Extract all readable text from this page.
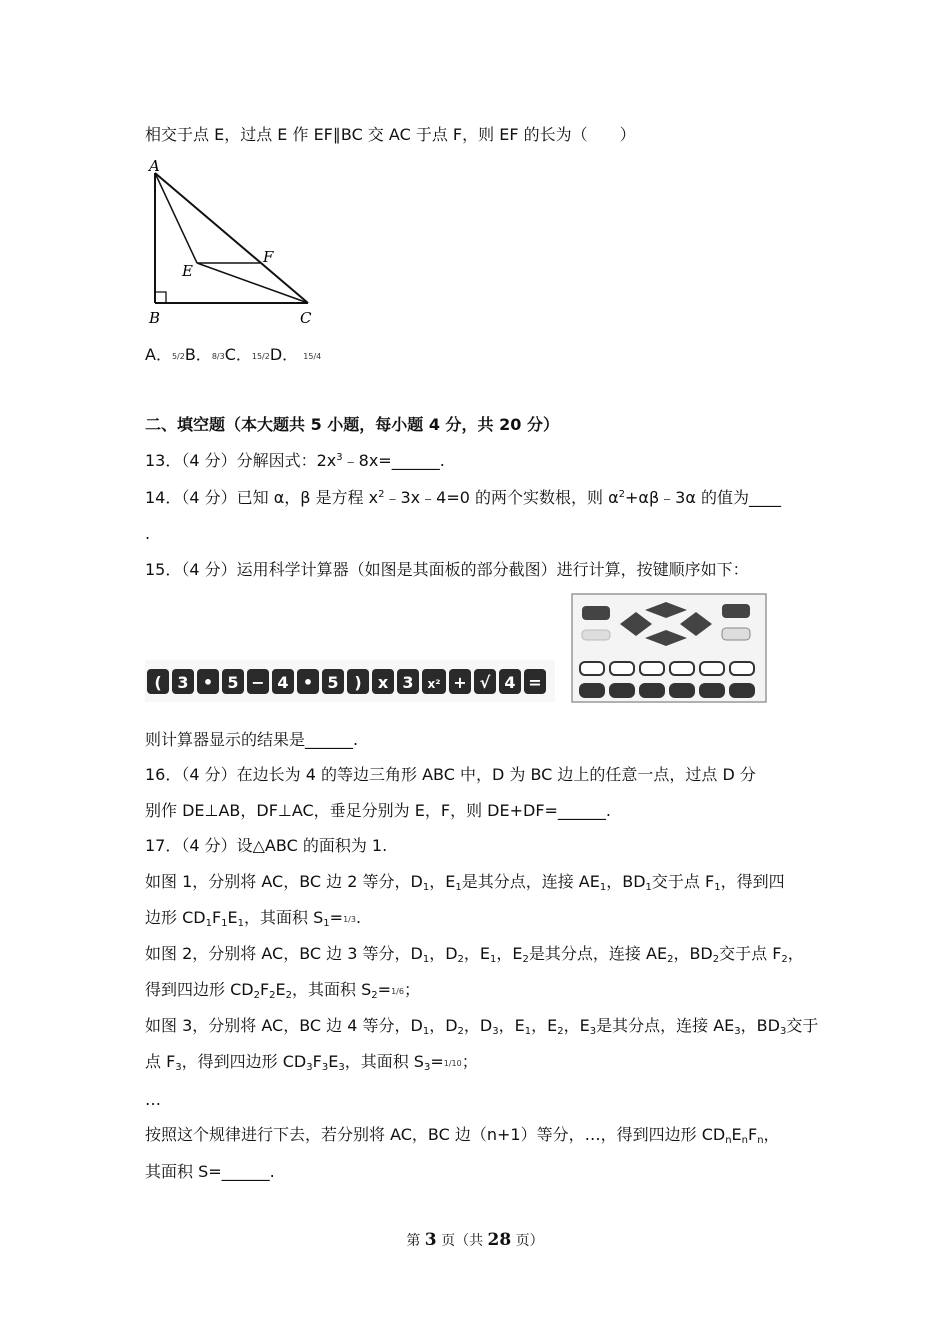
相交于点 E，过点 E 作 EF∥BC 交 AC 于点 F，则 EF 的长为（　　）
A
B	C
E
F
A．5/2B．8/3C．15/2D． 15/4
二、填空题（本大题共 5 小题，每小题 4 分，共 20 分）
13．（4 分）分解因式：$2x^3﹣8x=\_\_\_\_\_\_$.
14．（4 分）已知 α，β 是方程 $x^2﹣3x﹣4=0$ 的两个实数根，则 $\alpha^2+\alpha\beta﹣3\alpha$ 的值为____
.
15．（4 分）运用科学计算器（如图是其面板的部分截图）进行计算，按键顺序如下：
( 3 • 5 − 4 • 5 ) x 3 x² + √ 4 =
则计算器显示的结果是______.
16．（4 分）在边长为 4 的等边三角形 ABC 中，D 为 BC 边上的任意一点，过点 D 分
别作 DE⊥AB，DF⊥AC，垂足分别为 E，F，则 DE+DF=______.
17．（4 分）设△ABC 的面积为 1.
如图 1，分别将 AC，BC 边 2 等分，$D_1$，$E_1$是其分点，连接 $AE_1$，$BD_1$交于点 $F_1$，得到四
边形 $CD_1F_1E_1$，其面积 $S_1=1/3$.
如图 2，分别将 AC，BC 边 3 等分，$D_1$，$D_2$，$E_1$，$E_2$是其分点，连接 $AE_2$，$BD_2$交于点 $F_2$，
得到四边形 $CD_2F_2E_2$，其面积 $S_2=1/6$；
如图 3，分别将 AC，BC 边 4 等分，$D_1$，$D_2$，$D_3$，$E_1$，$E_2$，$E_3$是其分点，连接 $AE_3$，$BD_3$交于
点 $F_3$，得到四边形 $CD_3F_3E_3$，其面积 $S_3=1/10$；
…
按照这个规律进行下去，若分别将 AC，BC 边（n+1）等分，…，得到四边形 $CD_nE_nF_n$，
其面积 S=______.
第 3 页（共 28 页）
